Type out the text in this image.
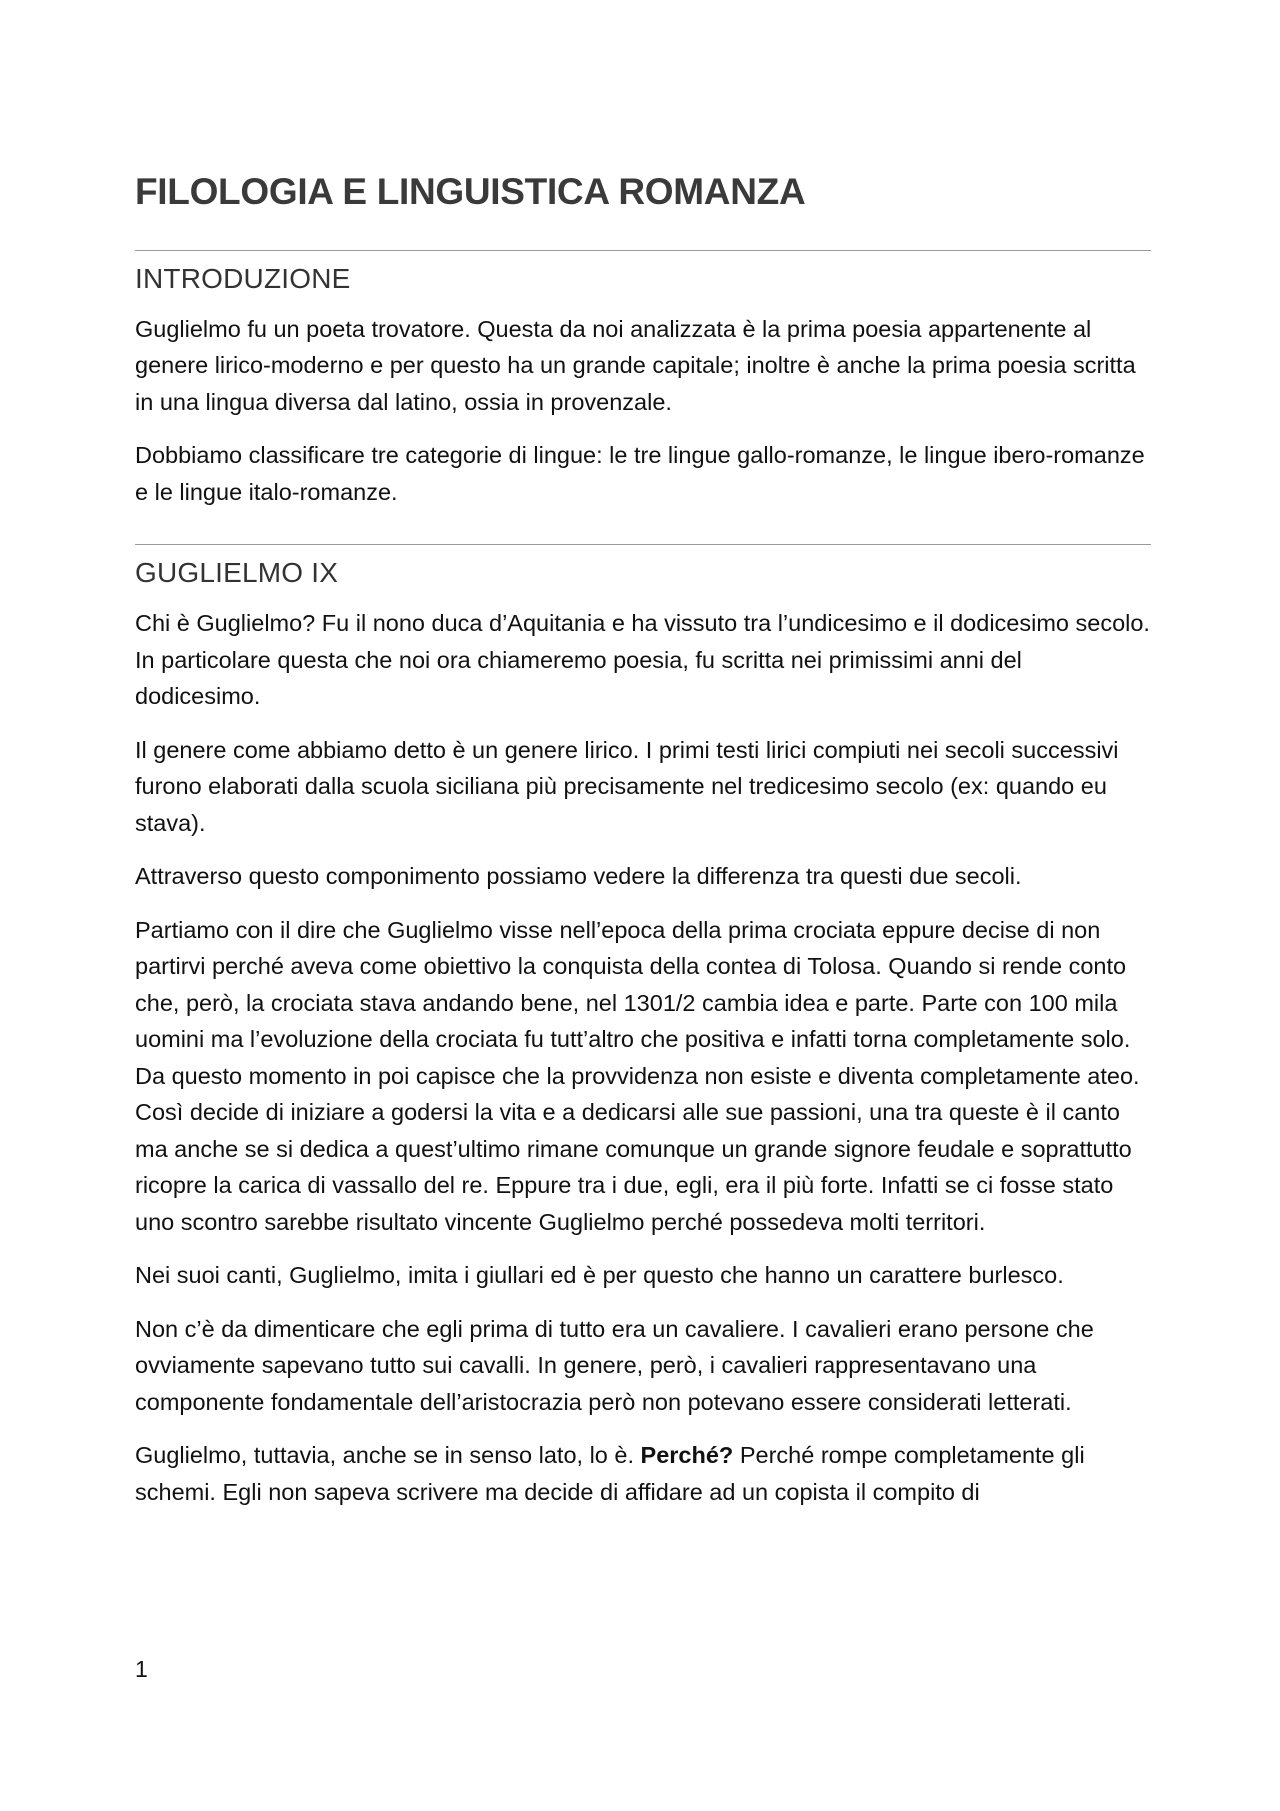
FILOLOGIA E LINGUISTICA ROMANZA
INTRODUZIONE

Guglielmo fu un poeta trovatore. Questa da noi analizzata è la prima poesia appartenente al genere lirico-moderno e per questo ha un grande capitale; inoltre è anche la prima poesia scritta in una lingua diversa dal latino, ossia in provenzale.

Dobbiamo classificare tre categorie di lingue: le tre lingue gallo-romanze, le lingue ibero-romanze e le lingue italo-romanze.

GUGLIELMO IX

Chi è Guglielmo? Fu il nono duca d’Aquitania e ha vissuto tra l’undicesimo e il dodicesimo secolo. In particolare questa che noi ora chiameremo poesia, fu scritta nei primissimi anni del dodicesimo.

Il genere come abbiamo detto è un genere lirico. I primi testi lirici compiuti nei secoli successivi furono elaborati dalla scuola siciliana più precisamente nel tredicesimo secolo (ex: quando eu stava).

Attraverso questo componimento possiamo vedere la differenza tra questi due secoli.

Partiamo con il dire che Guglielmo visse nell’epoca della prima crociata eppure decise di non partirvi perché aveva come obiettivo la conquista della contea di Tolosa. Quando si rende conto che, però, la crociata stava andando bene, nel 1301/2 cambia idea e parte. Parte con 100 mila uomini ma l’evoluzione della crociata fu tutt’altro che positiva e infatti torna completamente solo. Da questo momento in poi capisce che la provvidenza non esiste e diventa completamente ateo. Così decide di iniziare a godersi la vita e a dedicarsi alle sue passioni, una tra queste è il canto ma anche se si dedica a quest’ultimo rimane comunque un grande signore feudale e soprattutto ricopre la carica di vassallo del re. Eppure tra i due, egli, era il più forte. Infatti se ci fosse stato uno scontro sarebbe risultato vincente Guglielmo perché possedeva molti territori.

Nei suoi canti, Guglielmo, imita i giullari ed è per questo che hanno un carattere burlesco.

Non c’è da dimenticare che egli prima di tutto era un cavaliere. I cavalieri erano persone che ovviamente sapevano tutto sui cavalli. In genere, però, i cavalieri rappresentavano una componente fondamentale dell’aristocrazia però non potevano essere considerati letterati.

Guglielmo, tuttavia, anche se in senso lato, lo è. Perché? Perché rompe completamente gli schemi. Egli non sapeva scrivere ma decide di affidare ad un copista il compito di

1
